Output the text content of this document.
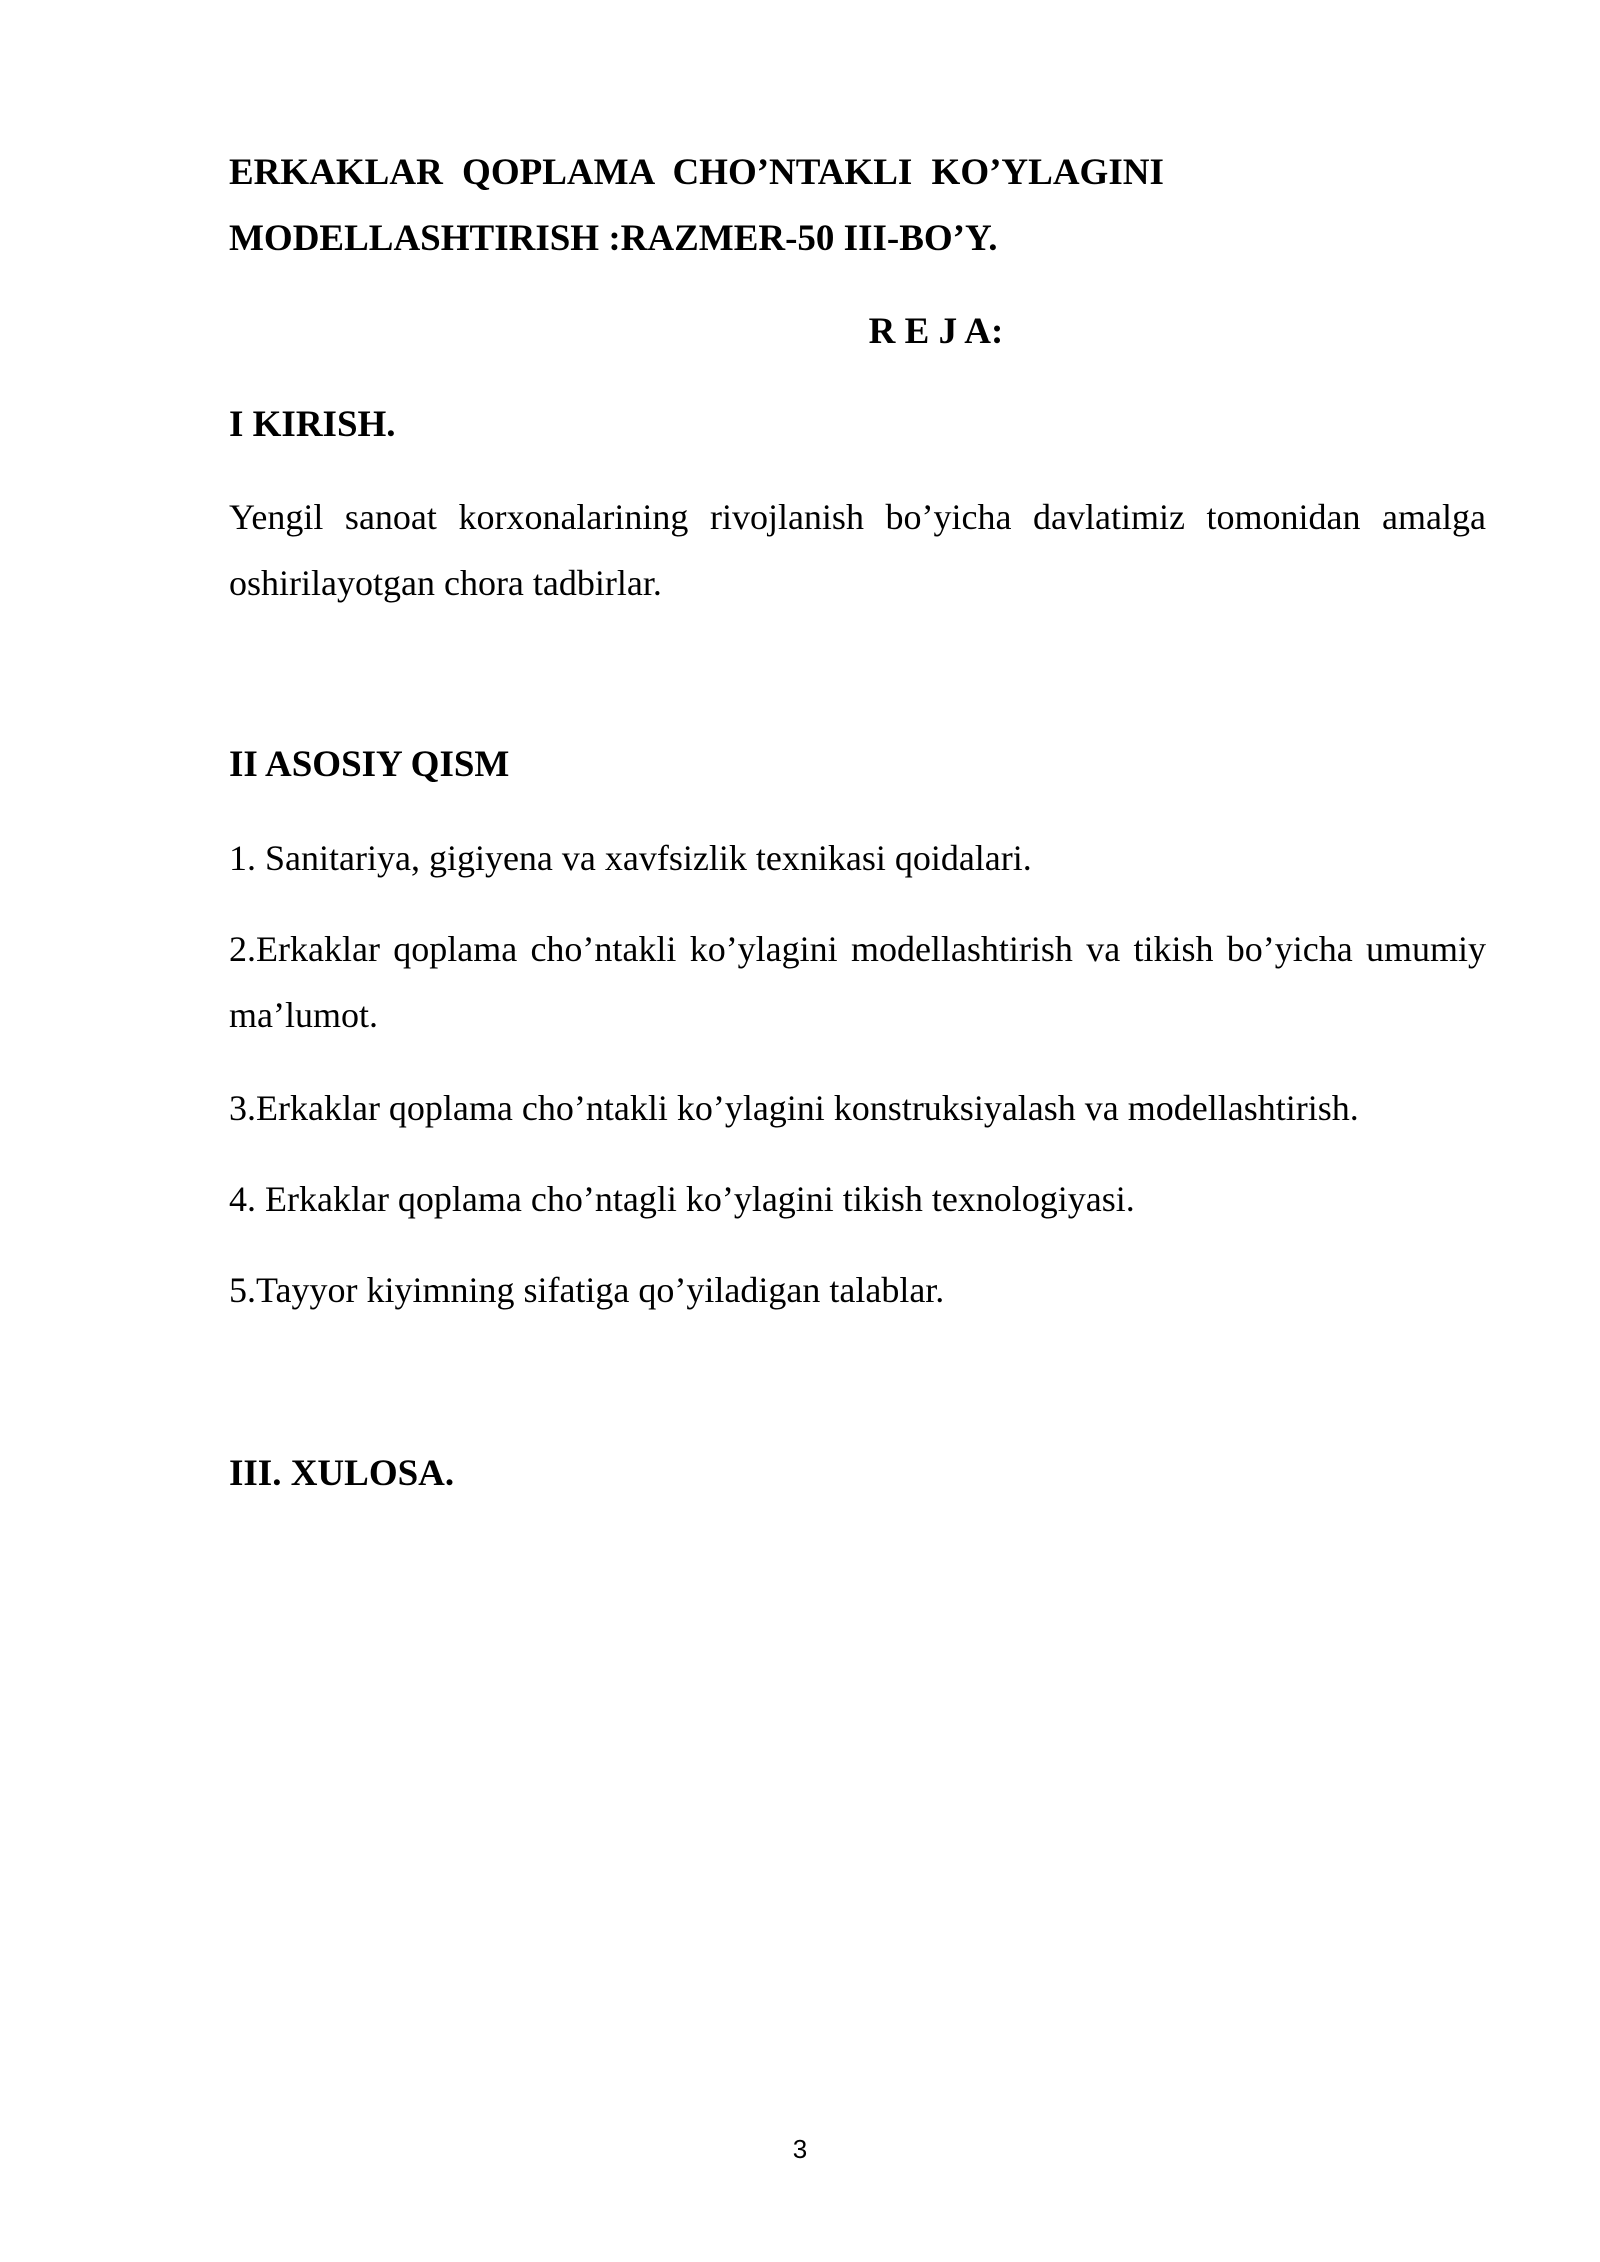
ERKAKLAR QOPLAMA CHO’NTAKLI KO’YLAGINI
MODELLASHTIRISH :RAZMER-50 III-BO’Y.
R E J A:
I KIRISH.
Yengil sanoat korxonalarining rivojlanish bo’yicha davlatimiz tomonidan amalga oshirilayotgan chora tadbirlar.
II ASOSIY QISM
1. Sanitariya, gigiyena va xavfsizlik texnikasi qoidalari.
2.Erkaklar qoplama cho’ntakli ko’ylagini modellashtirish va tikish bo’yicha umumiy ma’lumot.
3.Erkaklar qoplama cho’ntakli ko’ylagini konstruksiyalash va modellashtirish.
4. Erkaklar qoplama cho’ntagli ko’ylagini tikish texnologiyasi.
5.Tayyor kiyimning sifatiga qo’yiladigan talablar.
III. XULOSA.
3
